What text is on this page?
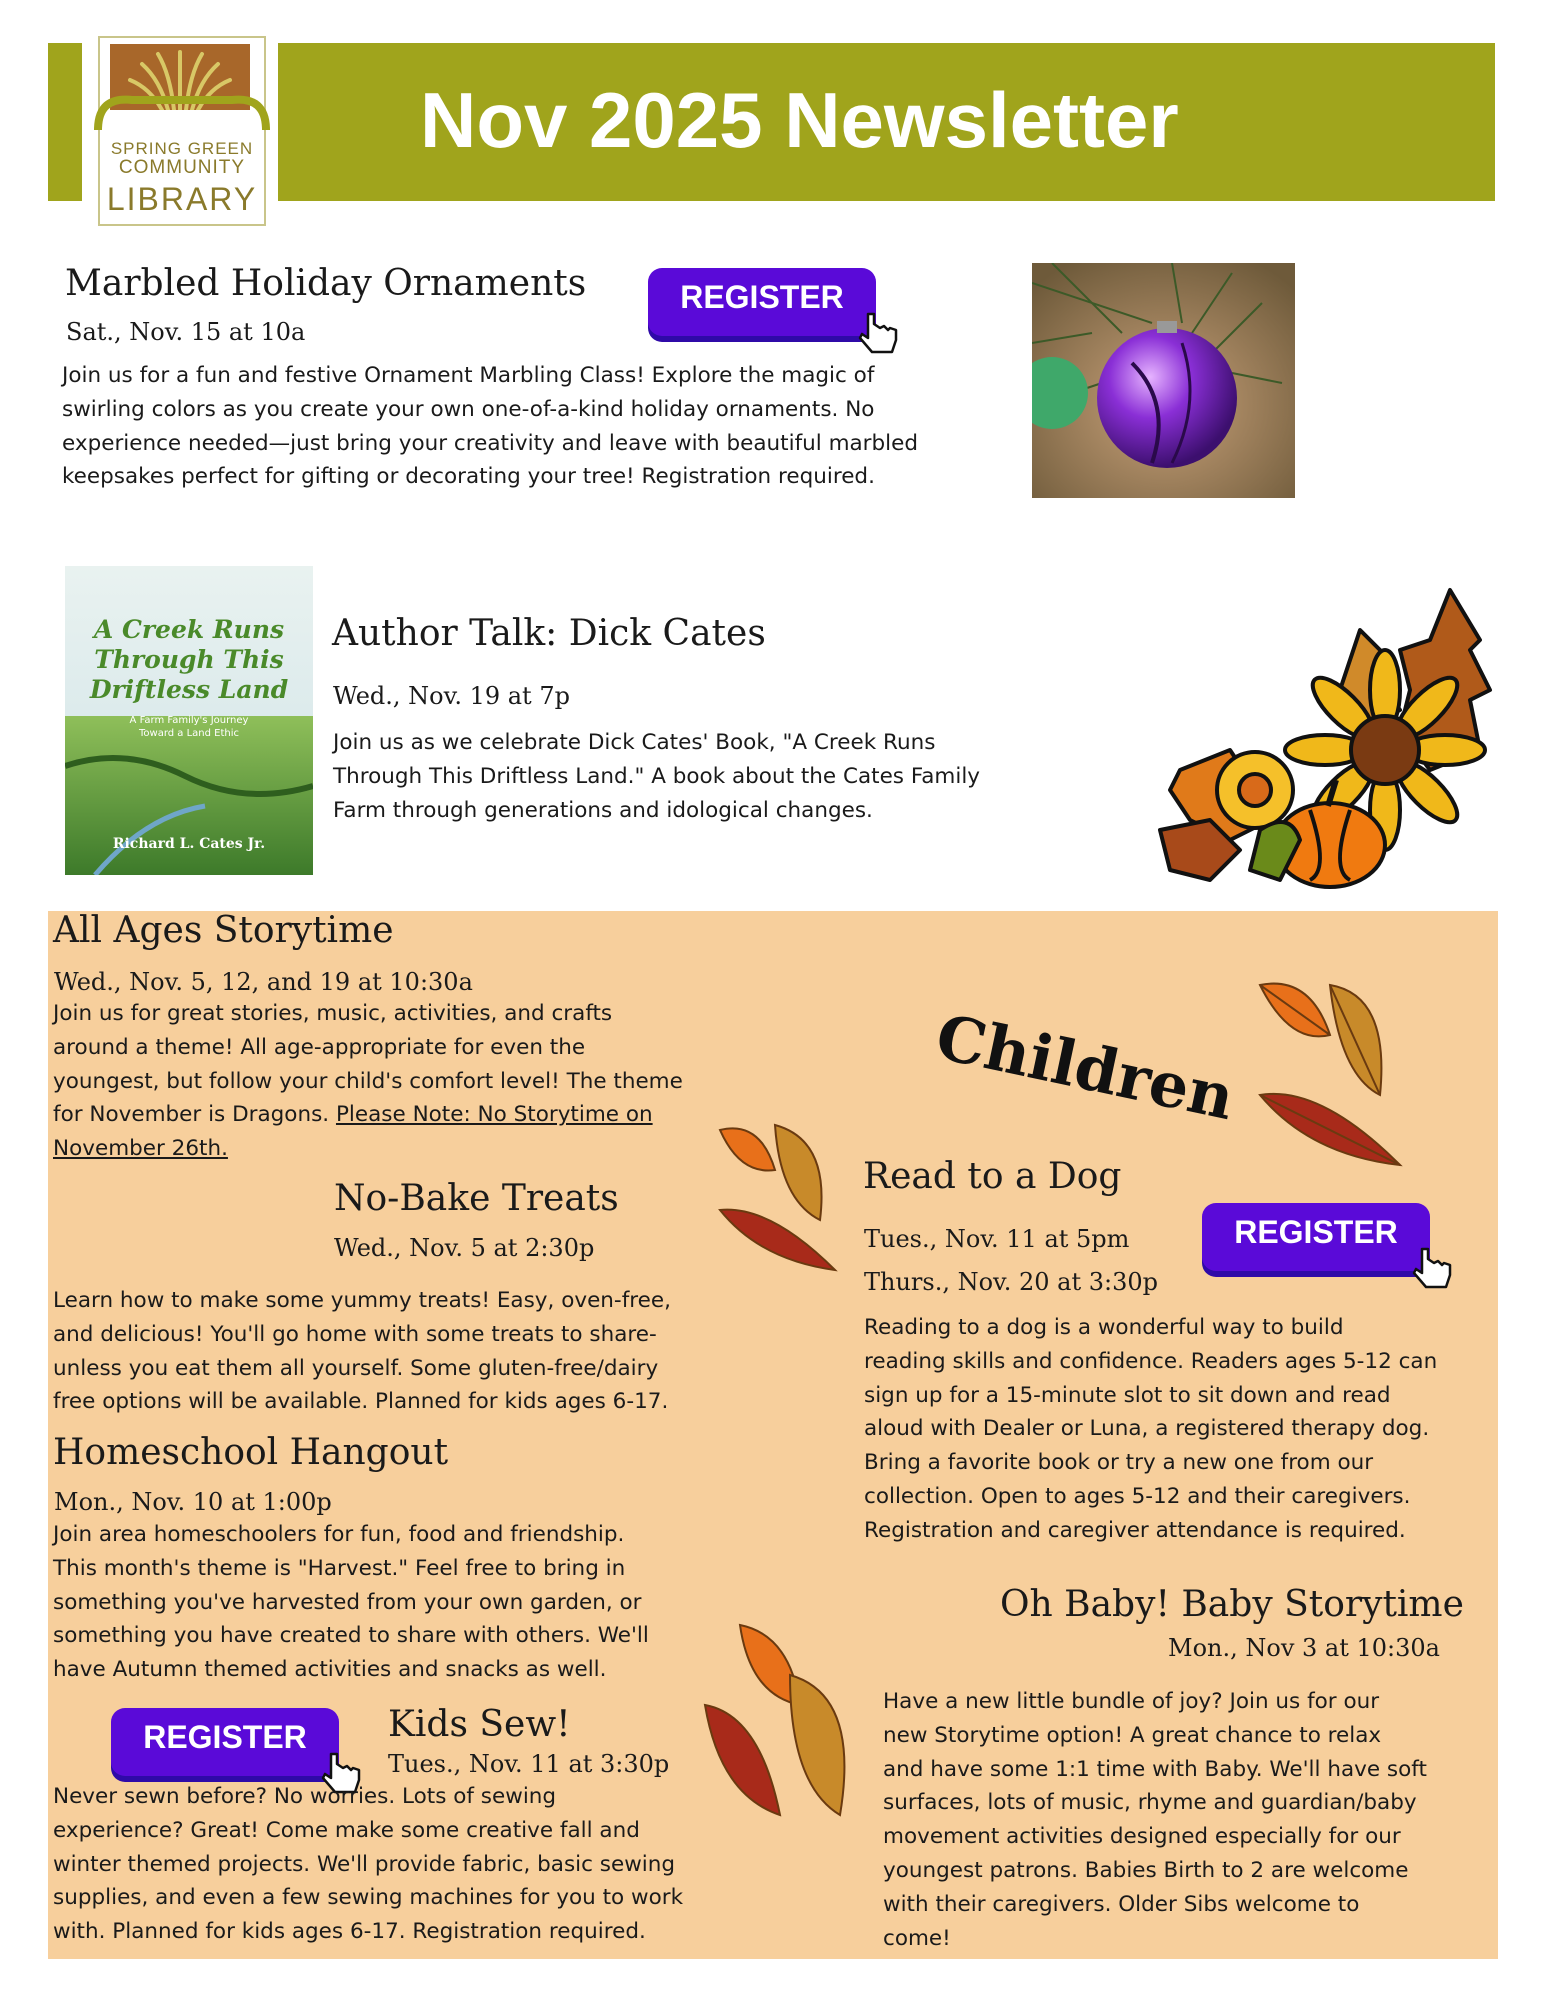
SPRING GREEN
COMMUNITY
LIBRARY
Nov 2025 Newsletter
Marbled Holiday Ornaments
Sat., Nov. 15 at 10a
Join us for a fun and festive Ornament Marbling Class! Explore the magic of
swirling colors as you create your own one-of-a-kind holiday ornaments. No
experience needed—just bring your creativity and leave with beautiful marbled
keepsakes perfect for gifting or decorating your tree! Registration required.
REGISTER
A Creek Runs
Through This
Driftless Land
A Farm Family's Journey
Toward a Land Ethic
Richard L. Cates Jr.
Author Talk: Dick Cates
Wed., Nov. 19 at 7p
Join us as we celebrate Dick Cates' Book, "A Creek Runs
Through This Driftless Land." A book about the Cates Family
Farm through generations and idological changes.
Children
All Ages Storytime
Wed., Nov. 5, 12, and 19 at 10:30a
Join us for great stories, music, activities, and crafts
around a theme! All age-appropriate for even the
youngest, but follow your child's comfort level! The theme
for November is Dragons. Please Note: No Storytime on
November 26th.
No-Bake Treats
Wed., Nov. 5 at 2:30p
Learn how to make some yummy treats! Easy, oven-free,
and delicious! You'll go home with some treats to share-
unless you eat them all yourself. Some gluten-free/dairy
free options will be available. Planned for kids ages 6-17.
Homeschool Hangout
Mon., Nov. 10 at 1:00p
Join area homeschoolers for fun, food and friendship.
This month's theme is "Harvest." Feel free to bring in
something you've harvested from your own garden, or
something you have created to share with others. We'll
have Autumn themed activities and snacks as well.
REGISTER	Kids Sew!
Tues., Nov. 11 at 3:30p
Never sewn before? No worries. Lots of sewing
experience? Great! Come make some creative fall and
winter themed projects. We'll provide fabric, basic sewing
supplies, and even a few sewing machines for you to work
with. Planned for kids ages 6-17. Registration required.
Read to a Dog
Tues., Nov. 11 at 5pm
Thurs., Nov. 20 at 3:30p
REGISTER
Reading to a dog is a wonderful way to build
reading skills and confidence. Readers ages 5-12 can
sign up for a 15-minute slot to sit down and read
aloud with Dealer or Luna, a registered therapy dog.
Bring a favorite book or try a new one from our
collection. Open to ages 5-12 and their caregivers.
Registration and caregiver attendance is required.
Oh Baby! Baby Storytime
Mon., Nov 3 at 10:30a
Have a new little bundle of joy? Join us for our
new Storytime option! A great chance to relax
and have some 1:1 time with Baby. We'll have soft
surfaces, lots of music, rhyme and guardian/baby
movement activities designed especially for our
youngest patrons. Babies Birth to 2 are welcome
with their caregivers. Older Sibs welcome to
come!
